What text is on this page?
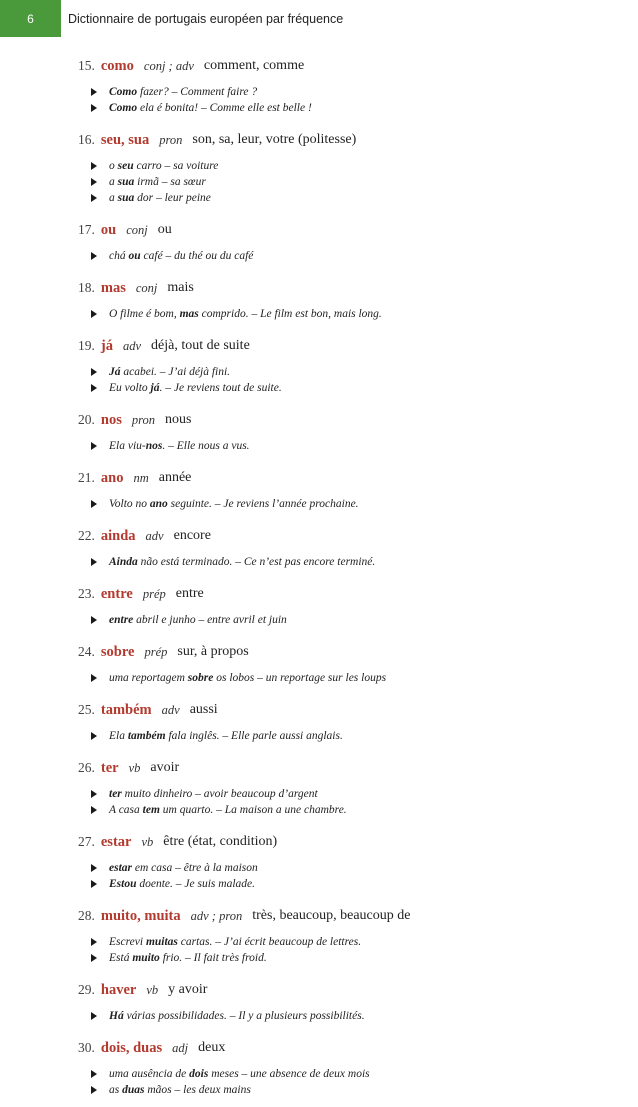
6	Dictionnaire de portugais européen par fréquence
15. como conj ; adv comment, comme
Como fazer? – Comment faire ?
Como ela é bonita! – Comme elle est belle !
16. seu, sua pron son, sa, leur, votre (politesse)
o seu carro – sa voiture
a sua irmã – sa sœur
a sua dor – leur peine
17. ou conj ou
chá ou café – du thé ou du café
18. mas conj mais
O filme é bom, mas comprido. – Le film est bon, mais long.
19. já adv déjà, tout de suite
Já acabei. – J’ai déjà fini.
Eu volto já. – Je reviens tout de suite.
20. nos pron nous
Ela viu-nos. – Elle nous a vus.
21. ano nm année
Volto no ano seguinte. – Je reviens l’année prochaine.
22. ainda adv encore
Ainda não está terminado. – Ce n’est pas encore terminé.
23. entre prép entre
entre abril e junho – entre avril et juin
24. sobre prép sur, à propos
uma reportagem sobre os lobos – un reportage sur les loups
25. também adv aussi
Ela também fala inglês. – Elle parle aussi anglais.
26. ter vb avoir
ter muito dinheiro – avoir beaucoup d’argent
A casa tem um quarto. – La maison a une chambre.
27. estar vb être (état, condition)
estar em casa – être à la maison
Estou doente. – Je suis malade.
28. muito, muita adv ; pron très, beaucoup, beaucoup de
Escrevi muitas cartas. – J’ai écrit beaucoup de lettres.
Está muito frio. – Il fait très froid.
29. haver vb y avoir
Há várias possibilidades. – Il y a plusieurs possibilités.
30. dois, duas adj deux
uma ausência de dois meses – une absence de deux mois
as duas mãos – les deux mains
